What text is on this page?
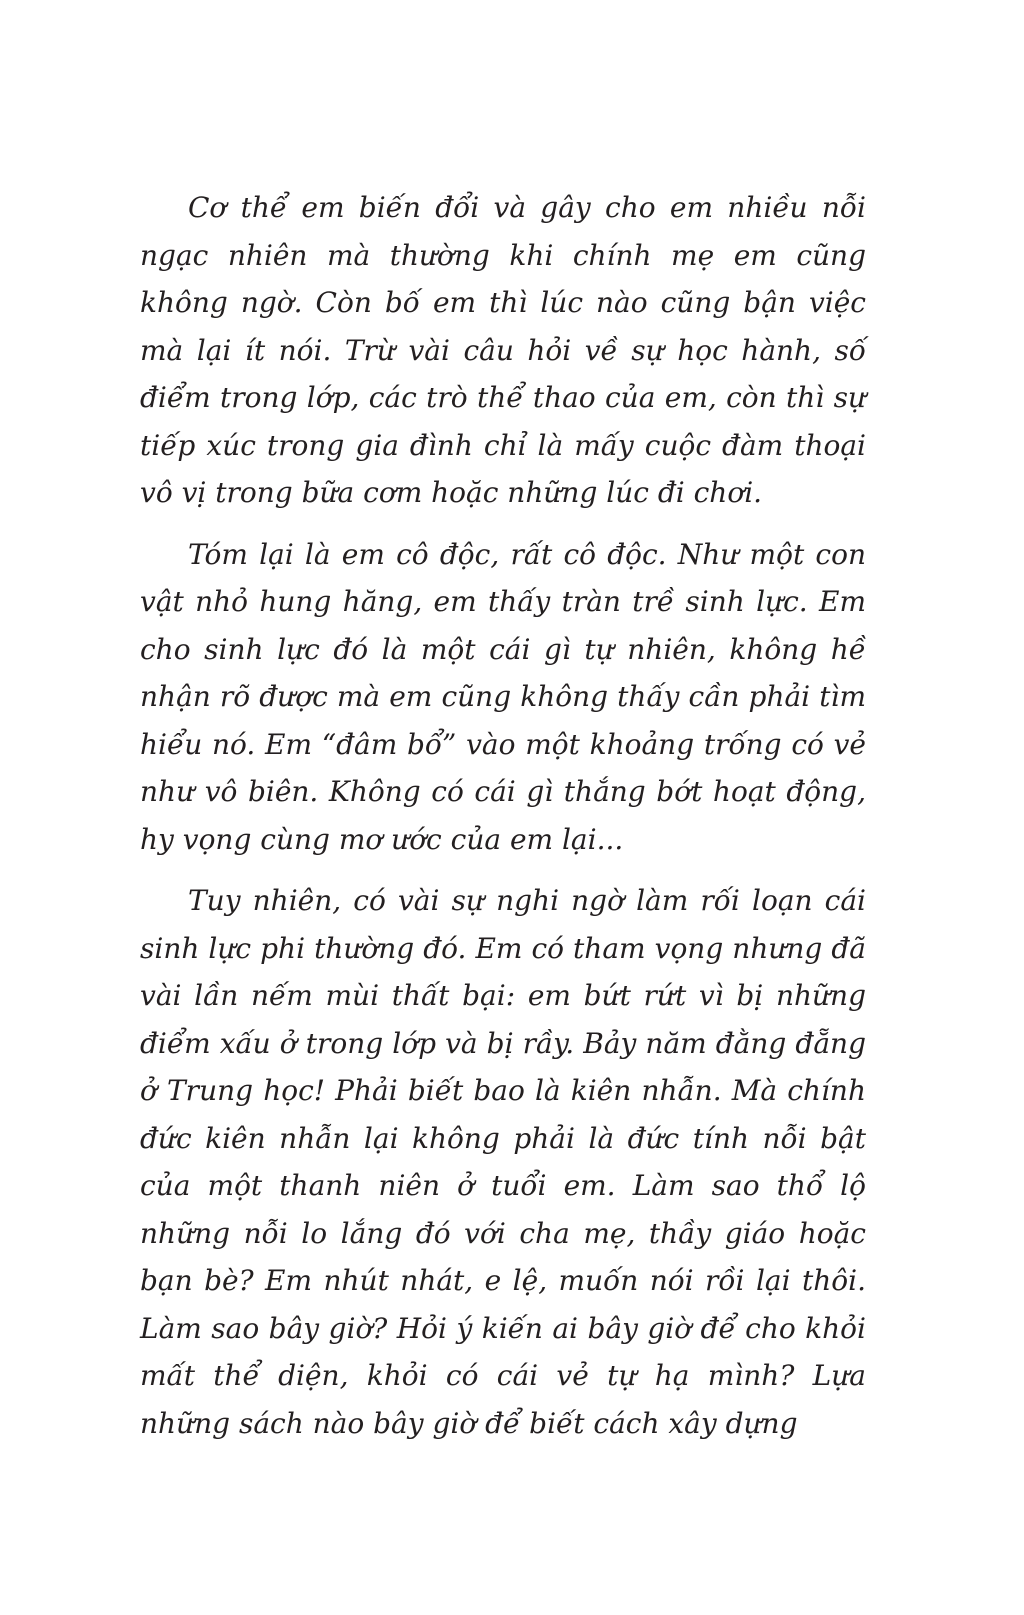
Cơ thể em biến đổi và gây cho em nhiều nỗi ngạc nhiên mà thường khi chính mẹ em cũng không ngờ. Còn bố em thì lúc nào cũng bận việc mà lại ít nói. Trừ vài câu hỏi về sự học hành, số điểm trong lớp, các trò thể thao của em, còn thì sự tiếp xúc trong gia đình chỉ là mấy cuộc đàm thoại vô vị trong bữa cơm hoặc những lúc đi chơi.

Tóm lại là em cô độc, rất cô độc. Như một con vật nhỏ hung hăng, em thấy tràn trề sinh lực. Em cho sinh lực đó là một cái gì tự nhiên, không hề nhận rõ được mà em cũng không thấy cần phải tìm hiểu nó. Em “đâm bổ” vào một khoảng trống có vẻ như vô biên. Không có cái gì thắng bớt hoạt động, hy vọng cùng mơ ước của em lại...

Tuy nhiên, có vài sự nghi ngờ làm rối loạn cái sinh lực phi thường đó. Em có tham vọng nhưng đã vài lần nếm mùi thất bại: em bứt rứt vì bị những điểm xấu ở trong lớp và bị rầy. Bảy năm đằng đẵng ở Trung học! Phải biết bao là kiên nhẫn. Mà chính đức kiên nhẫn lại không phải là đức tính nỗi bật của một thanh niên ở tuổi em. Làm sao thổ lộ những nỗi lo lắng đó với cha mẹ, thầy giáo hoặc bạn bè? Em nhút nhát, e lệ, muốn nói rồi lại thôi. Làm sao bây giờ? Hỏi ý kiến ai bây giờ để cho khỏi mất thể diện, khỏi có cái vẻ tự hạ mình? Lựa những sách nào bây giờ để biết cách xây dựng
